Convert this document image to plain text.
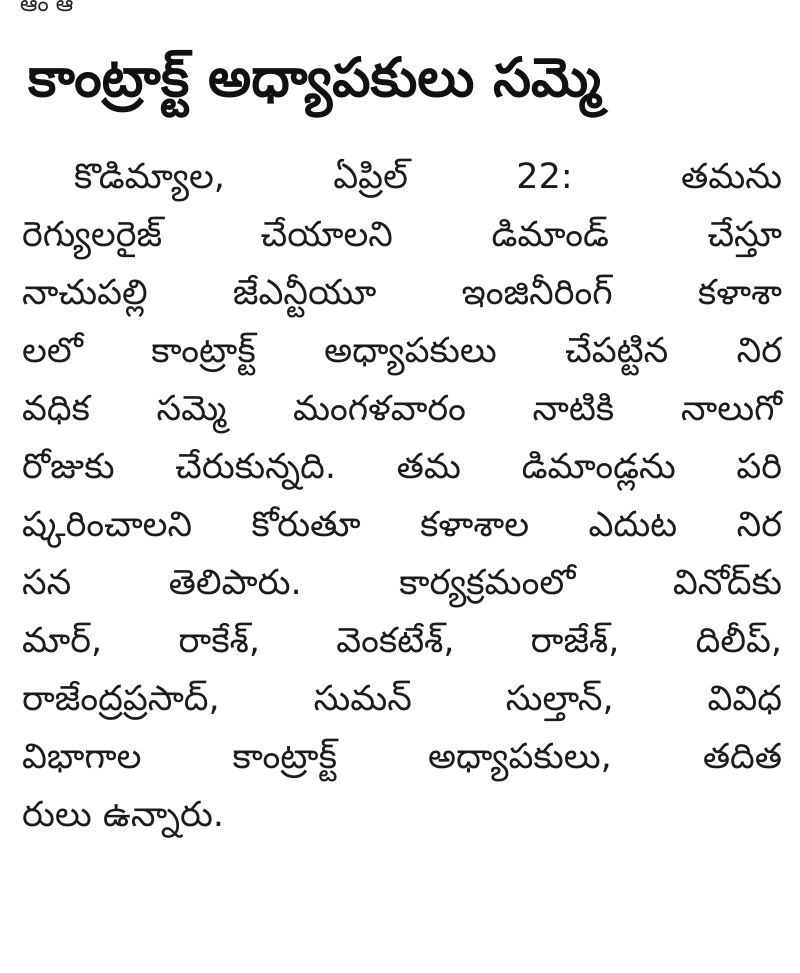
ఆం ఆ
కాంట్రాక్ట్ అధ్యాపకులు సమ్మె
కొడిమ్యాల, ఏప్రిల్ 22: తమను
రెగ్యులరైజ్ చేయాలని డిమాండ్ చేస్తూ
నాచుపల్లి జేఎన్టీయూ ఇంజినీరింగ్ కళాశా
లలో కాంట్రాక్ట్ అధ్యాపకులు చేపట్టిన నిర
వధిక సమ్మె మంగళవారం నాటికి నాలుగో
రోజుకు చేరుకున్నది. తమ డిమాండ్లను పరి
ష్కరించాలని కోరుతూ కళాశాల ఎదుట నిర
సన తెలిపారు. కార్యక్రమంలో వినోద్‌కు
మార్, రాకేశ్, వెంకటేశ్, రాజేశ్, దిలీప్,
రాజేంద్రప్రసాద్, సుమన్ సుల్తాన్, వివిధ
విభాగాల కాంట్రాక్ట్ అధ్యాపకులు, తదిత
రులు ఉన్నారు.
